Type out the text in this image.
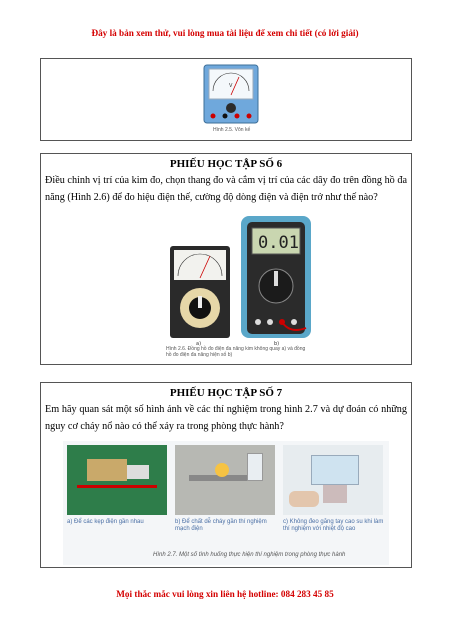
Đây là bản xem thử, vui lòng mua tài liệu để xem chi tiết (có lời giải)
V
Hình 2.5. Vôn kế
PHIẾU HỌC TẬP SỐ 6
Điều chỉnh vị trí của kim đo, chọn thang đo và cắm vị trí của các dây đo trên đồng hồ đa năng (Hình 2.6) để đo hiệu điện thế, cường độ dòng điện và điện trở như thế nào?
0.01
a)	b)
Hình 2.6. Đồng hồ đo điện đa năng kim không quay a) và đồng hồ đo điện đa năng hiện số b)
PHIẾU HỌC TẬP SỐ 7
Em hãy quan sát một số hình ảnh về các thí nghiệm trong hình 2.7 và dự đoán có những nguy cơ cháy nổ nào có thể xảy ra trong phòng thực hành?
a) Để các kẹp điện gần nhau	b) Để chất dễ cháy gần thí nghiệm mạch điện
c) Không đeo găng tay cao su khi làm thí nghiệm với nhiệt độ cao
Hình 2.7. Một số tình huống thực hiện thí nghiệm trong phòng thực hành
Mọi thắc mắc vui lòng xin liên hệ hotline: 084 283 45 85
